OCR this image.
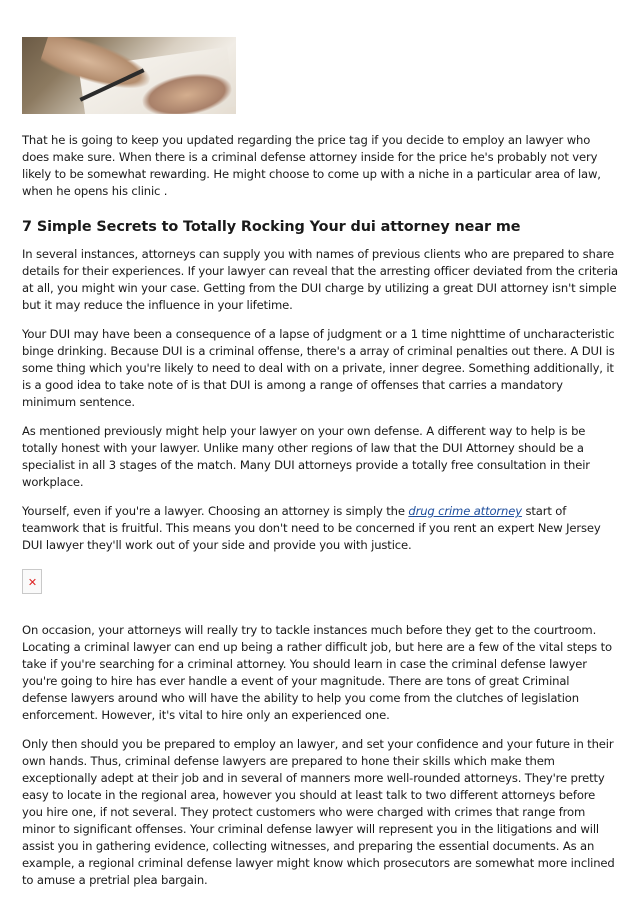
That he is going to keep you updated regarding the price tag if you decide to employ an lawyer who does make sure. When there is a criminal defense attorney inside for the price he's probably not very likely to be somewhat rewarding. He might choose to come up with a niche in a particular area of law, when he opens his clinic .

7 Simple Secrets to Totally Rocking Your dui attorney near me

In several instances, attorneys can supply you with names of previous clients who are prepared to share details for their experiences. If your lawyer can reveal that the arresting officer deviated from the criteria at all, you might win your case. Getting from the DUI charge by utilizing a great DUI attorney isn't simple but it may reduce the influence in your lifetime.

Your DUI may have been a consequence of a lapse of judgment or a 1 time nighttime of uncharacteristic binge drinking. Because DUI is a criminal offense, there's a array of criminal penalties out there. A DUI is some thing which you're likely to need to deal with on a private, inner degree. Something additionally, it is a good idea to take note of is that DUI is among a range of offenses that carries a mandatory minimum sentence.

As mentioned previously might help your lawyer on your own defense. A different way to help is be totally honest with your lawyer. Unlike many other regions of law that the DUI Attorney should be a specialist in all 3 stages of the match. Many DUI attorneys provide a totally free consultation in their workplace.

Yourself, even if you're a lawyer. Choosing an attorney is simply the drug crime attorney start of teamwork that is fruitful. This means you don't need to be concerned if you rent an expert New Jersey DUI lawyer they'll work out of your side and provide you with justice.

✕

On occasion, your attorneys will really try to tackle instances much before they get to the courtroom. Locating a criminal lawyer can end up being a rather difficult job, but here are a few of the vital steps to take if you're searching for a criminal attorney. You should learn in case the criminal defense lawyer you're going to hire has ever handle a event of your magnitude. There are tons of great Criminal defense lawyers around who will have the ability to help you come from the clutches of legislation enforcement. However, it's vital to hire only an experienced one.

Only then should you be prepared to employ an lawyer, and set your confidence and your future in their own hands. Thus, criminal defense lawyers are prepared to hone their skills which make them exceptionally adept at their job and in several of manners more well-rounded attorneys. They're pretty easy to locate in the regional area, however you should at least talk to two different attorneys before you hire one, if not several. They protect customers who were charged with crimes that range from minor to significant offenses. Your criminal defense lawyer will represent you in the litigations and will assist you in gathering evidence, collecting witnesses, and preparing the essential documents. As an example, a regional criminal defense lawyer might know which prosecutors are somewhat more inclined to amuse a pretrial plea bargain.
